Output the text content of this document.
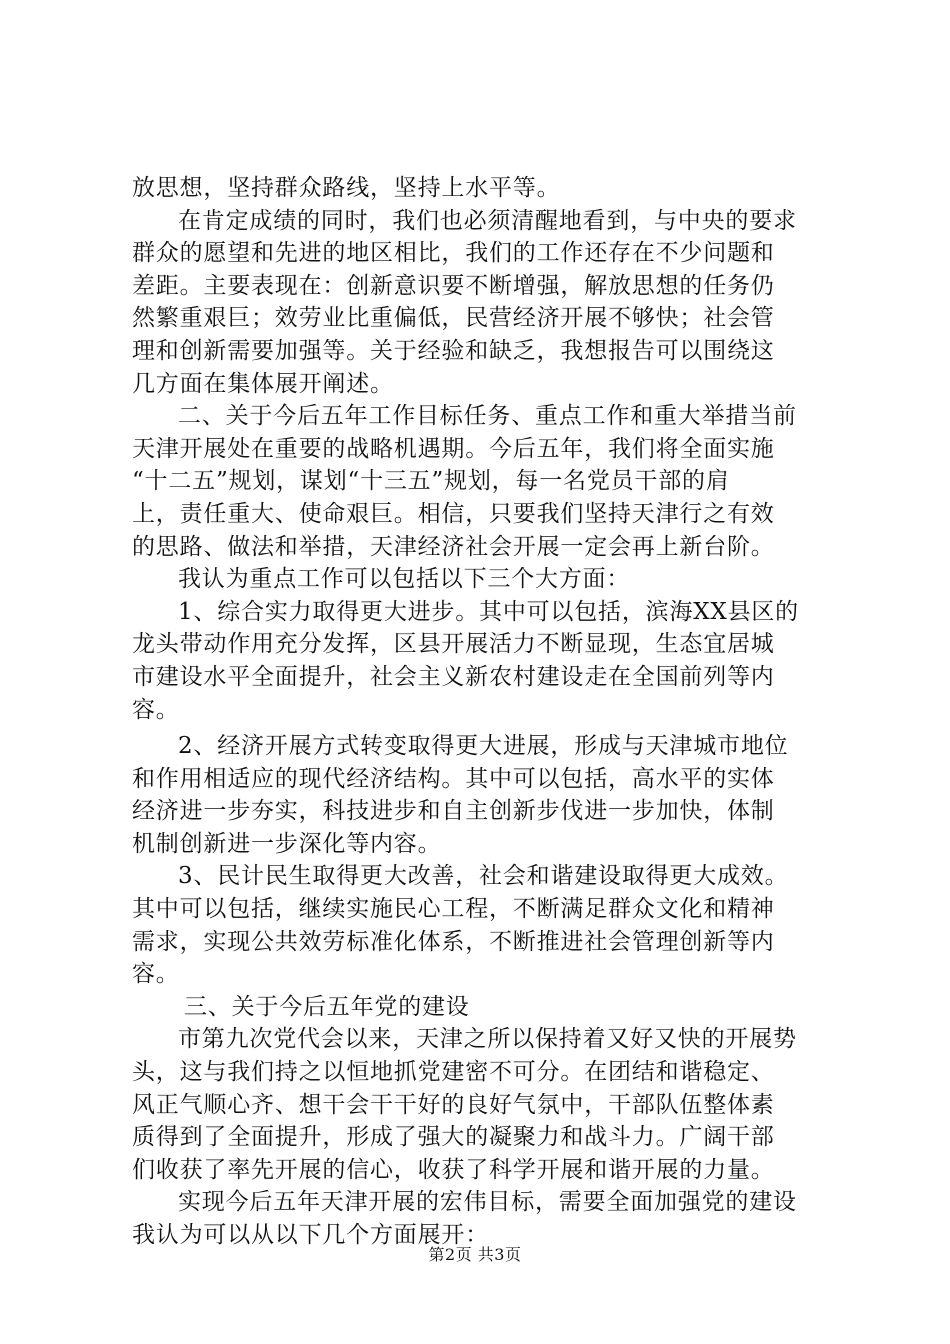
放思想，坚持群众路线，坚持上水平等。
在肯定成绩的同时，我们也必须清醒地看到，与中央的要求
群众的愿望和先进的地区相比，我们的工作还存在不少问题和
差距。主要表现在：创新意识要不断增强，解放思想的任务仍
然繁重艰巨；效劳业比重偏低，民营经济开展不够快；社会管
理和创新需要加强等。关于经验和缺乏，我想报告可以围绕这
几方面在集体展开阐述。
二、关于今后五年工作目标任务、重点工作和重大举措当前
天津开展处在重要的战略机遇期。今后五年，我们将全面实施
“十二五”规划，谋划“十三五”规划，每一名党员干部的肩
上，责任重大、使命艰巨。相信，只要我们坚持天津行之有效
的思路、做法和举措，天津经济社会开展一定会再上新台阶。
我认为重点工作可以包括以下三个大方面：
1、综合实力取得更大进步。其中可以包括，滨海XX县区的
龙头带动作用充分发挥，区县开展活力不断显现，生态宜居城
市建设水平全面提升，社会主义新农村建设走在全国前列等内
容。
2、经济开展方式转变取得更大进展，形成与天津城市地位
和作用相适应的现代经济结构。其中可以包括，高水平的实体
经济进一步夯实，科技进步和自主创新步伐进一步加快，体制
机制创新进一步深化等内容。
3、民计民生取得更大改善，社会和谐建设取得更大成效。
其中可以包括，继续实施民心工程，不断满足群众文化和精神
需求，实现公共效劳标准化体系，不断推进社会管理创新等内
容。
三、关于今后五年党的建设
市第九次党代会以来，天津之所以保持着又好又快的开展势
头，这与我们持之以恒地抓党建密不可分。在团结和谐稳定、
风正气顺心齐、想干会干干好的良好气氛中，干部队伍整体素
质得到了全面提升，形成了强大的凝聚力和战斗力。广阔干部
们收获了率先开展的信心，收获了科学开展和谐开展的力量。
实现今后五年天津开展的宏伟目标，需要全面加强党的建设
我认为可以从以下几个方面展开：
第2页 共3页
